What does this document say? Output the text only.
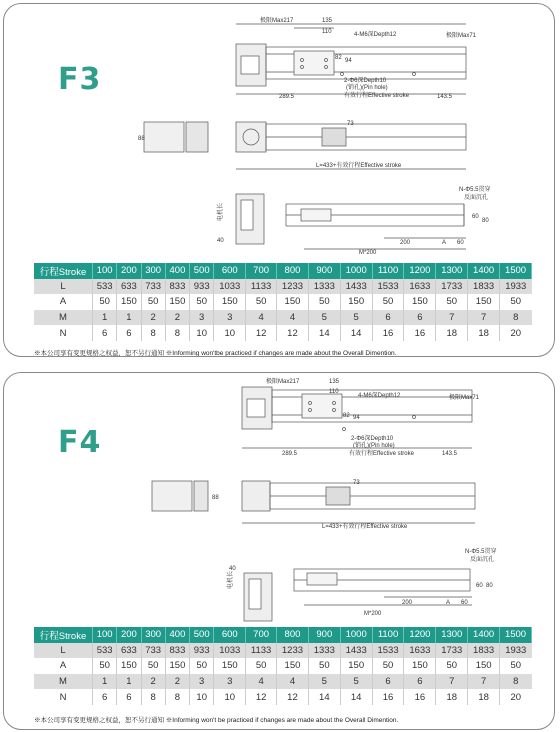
F3
极限Max217	135
110	4-M6深Depth12	极限Max71
82 94
2-Φ6深Depth10
(销孔)(Pin hole)
289.5	有效行程Effective stroke	143.5
88
73
L=433+有效行程Effective stroke
N-Φ5.5贯穿
反面沉孔
电机长
40
60
80
200	A 60
M*200
行程Stroke	100	200	300	400	500	600	700	800	900	1000	1100	1200	1300	1400	1500
L	533	633	733	833	933	1033	1133	1233	1333	1433	1533	1633	1733	1833	1933
A	50	150	50	150	50	150	50	150	50	150	50	150	50	150	50
M	1	1	2	2	3	3	4	4	5	5	6	6	7	7	8
N	6	6	8	8	10	10	12	12	14	14	16	16	18	18	20
※本公司享有变更规格之权益，恕不另行通知 ※Informing won'tbe practiced if changes are made about the Overall Dimention.
F4
极限Max217	135
110
4-M6深Depth12	极限Max71
82 94
2-Φ6深Depth10
(销孔)(Pin hole)
289.5	有效行程Effective stroke	143.5
88
73
L=433+有效行程Effective stroke
N-Φ5.5贯穿
反面沉孔
电机长
40
60 80
200	A 60
M*200
行程Stroke	100	200	300	400	500	600	700	800	900	1000	1100	1200	1300	1400	1500
L	533	633	733	833	933	1033	1133	1233	1333	1433	1533	1633	1733	1833	1933
A	50	150	50	150	50	150	50	150	50	150	50	150	50	150	50
M	1	1	2	2	3	3	4	4	5	5	6	6	7	7	8
N	6	6	8	8	10	10	12	12	14	14	16	16	18	18	20
※本公司享有变更规格之权益，恕不另行通知 ※Informing won't be practiced if changes are made about the Overall Dimention.
